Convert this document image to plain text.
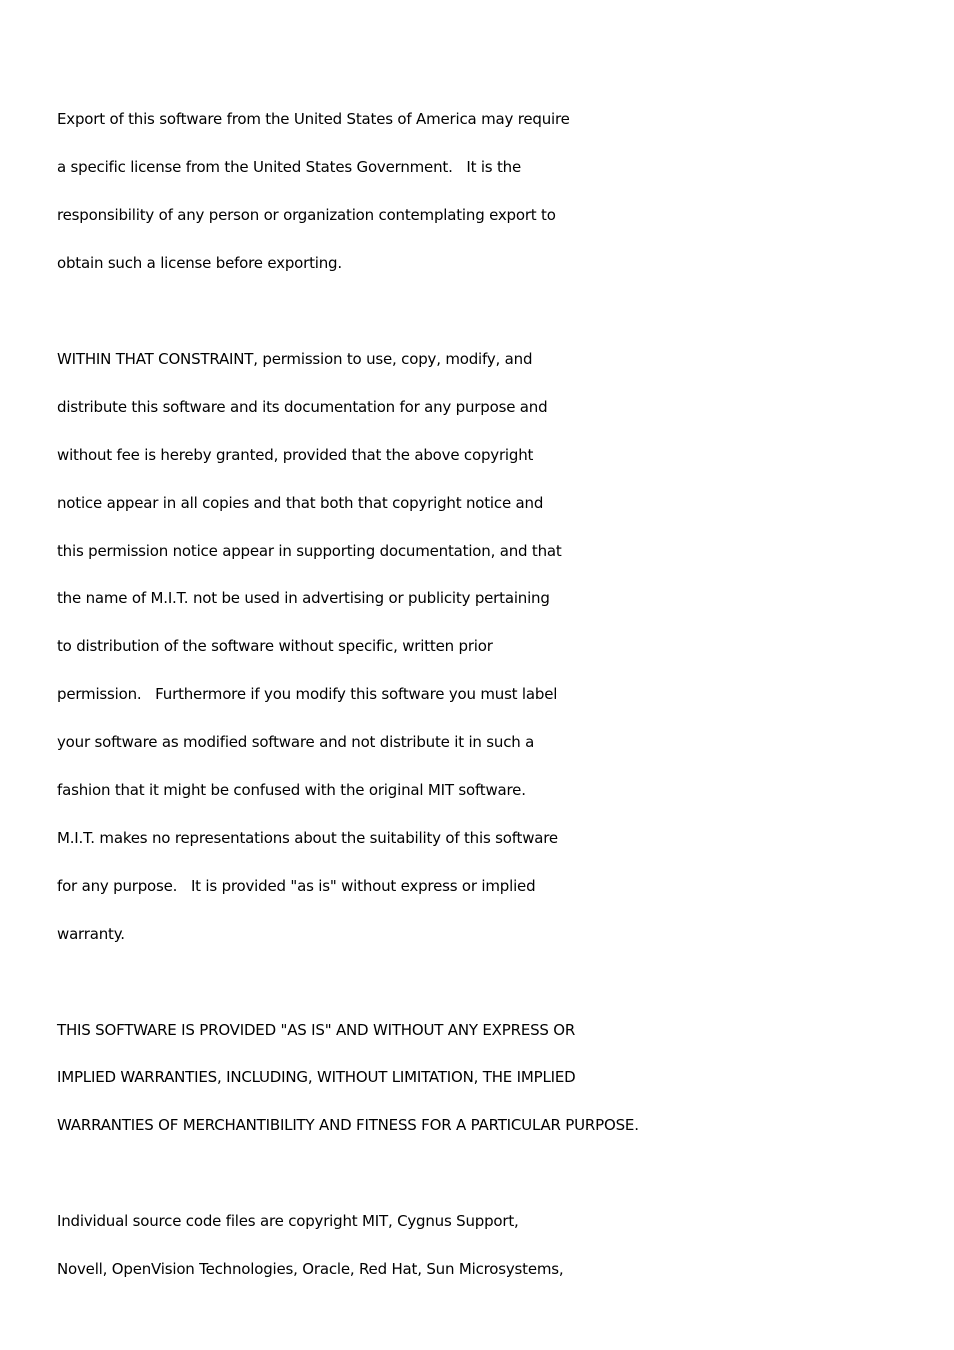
Export of this software from the United States of America may require
a specific license from the United States Government.   It is the
responsibility of any person or organization contemplating export to
obtain such a license before exporting.
WITHIN THAT CONSTRAINT, permission to use, copy, modify, and
distribute this software and its documentation for any purpose and
without fee is hereby granted, provided that the above copyright
notice appear in all copies and that both that copyright notice and
this permission notice appear in supporting documentation, and that
the name of M.I.T. not be used in advertising or publicity pertaining
to distribution of the software without specific, written prior
permission.   Furthermore if you modify this software you must label
your software as modified software and not distribute it in such a
fashion that it might be confused with the original MIT software.
M.I.T. makes no representations about the suitability of this software
for any purpose.   It is provided "as is" without express or implied
warranty.
THIS SOFTWARE IS PROVIDED "AS IS" AND WITHOUT ANY EXPRESS OR
IMPLIED WARRANTIES, INCLUDING, WITHOUT LIMITATION, THE IMPLIED
WARRANTIES OF MERCHANTIBILITY AND FITNESS FOR A PARTICULAR PURPOSE.
Individual source code files are copyright MIT, Cygnus Support,
Novell, OpenVision Technologies, Oracle, Red Hat, Sun Microsystems,
